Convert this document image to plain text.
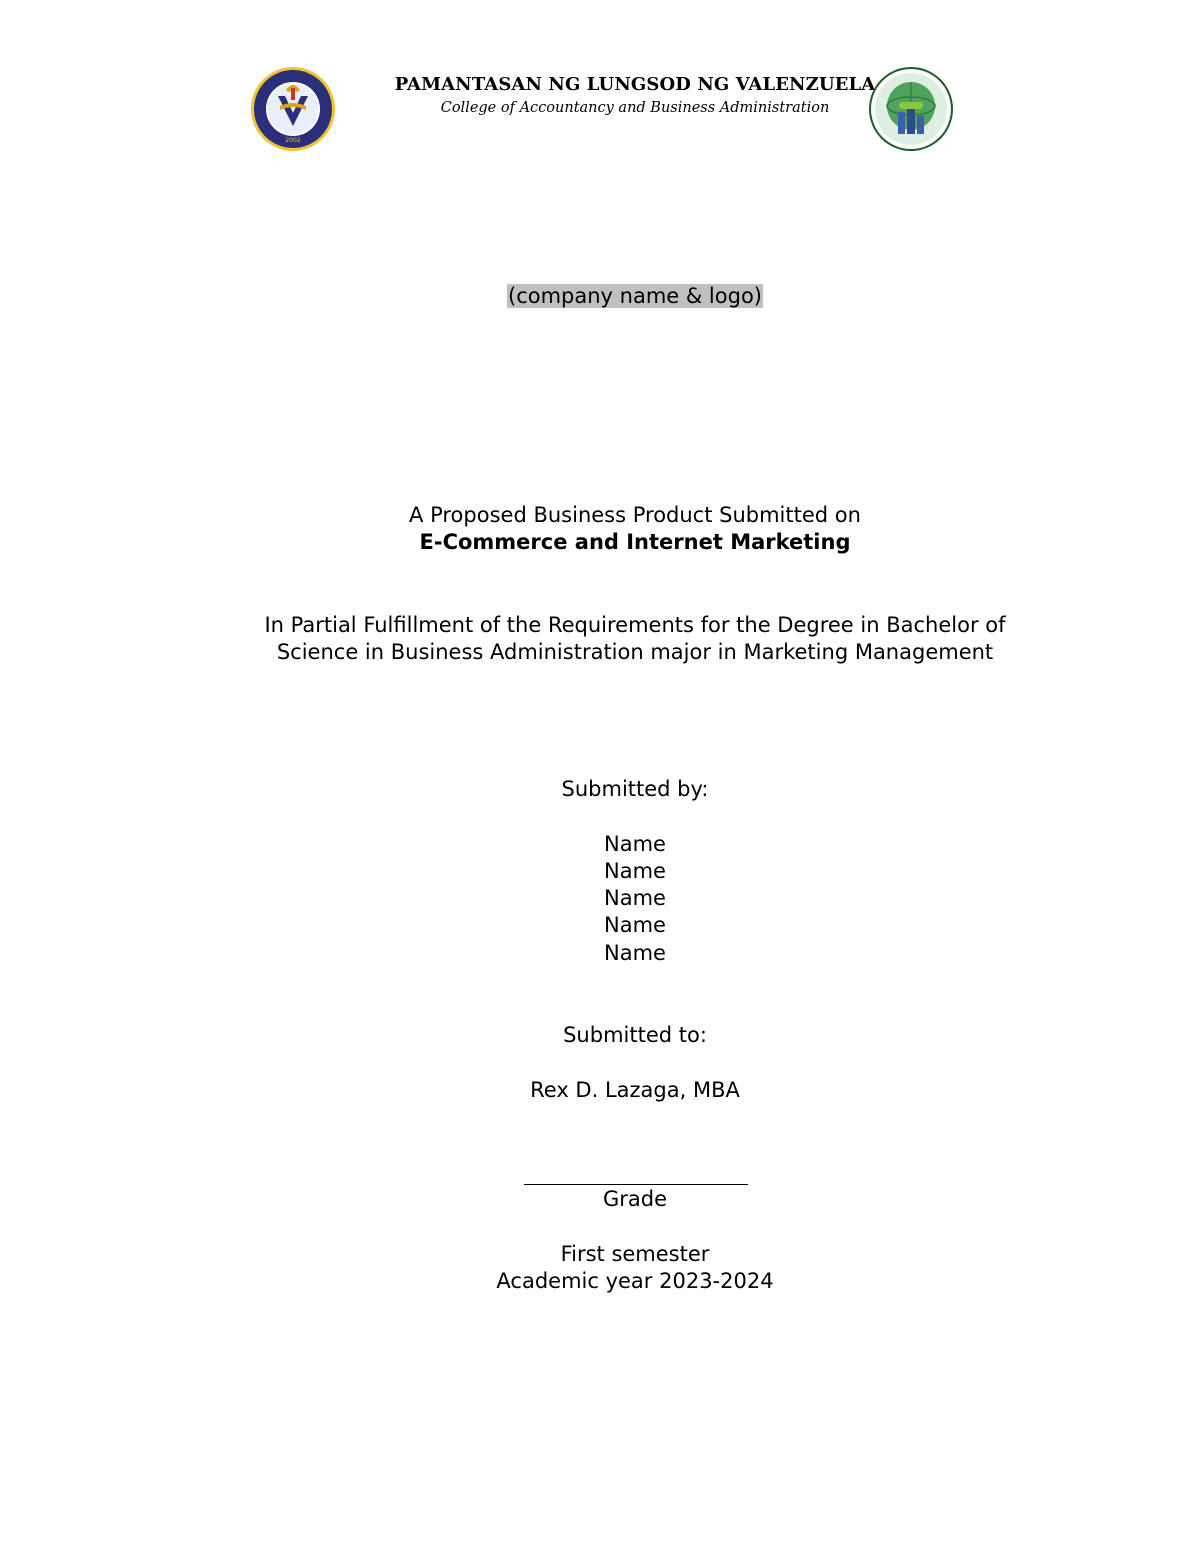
2002
PAMANTASAN NG LUNGSOD NG VALENZUELA
College of Accountancy and Business Administration
(company name & logo)
A Proposed Business Product Submitted on
E-Commerce and Internet Marketing
In Partial Fulfillment of the Requirements for the Degree in Bachelor of
Science in Business Administration major in Marketing Management
Submitted by:
Name
Name
Name
Name
Name
Submitted to:
Rex D. Lazaga, MBA
Grade
First semester
Academic year 2023-2024
